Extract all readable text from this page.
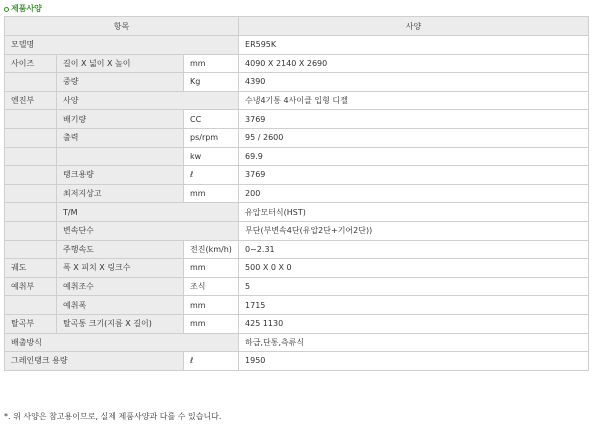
제품사양
항목			사양
모델명			ER595K
사이즈	길이 X 넓이 X 높이	mm	4090 X 2140 X 2690
	중량	Kg	4390
엔진부	사양		수냉4기통 4사이클 입형 디젤
	배기량	CC	3769
	출력	ps/rpm	95 / 2600
		kw	69.9
	탱크용량	ℓ	3769
	최저지상고	mm	200
	T/M		유압모터식(HST)
	변속단수		무단(부변속4단(유압2단+기어2단))
	주행속도	전진(km/h)	0~2.31
궤도	폭 X 피치 X 링크수	mm	500 X 0 X 0
예취부	예취조수	조식	5
	예취폭	mm	1715
탈곡부	탈곡통 크기(지름 X 길이)	mm	425 1130
배출방식			하급,단통,측류식
그레인탱크 용량		ℓ	1950
*. 위 사양은 참고용이므로, 실제 제품사양과 다를 수 있습니다.
